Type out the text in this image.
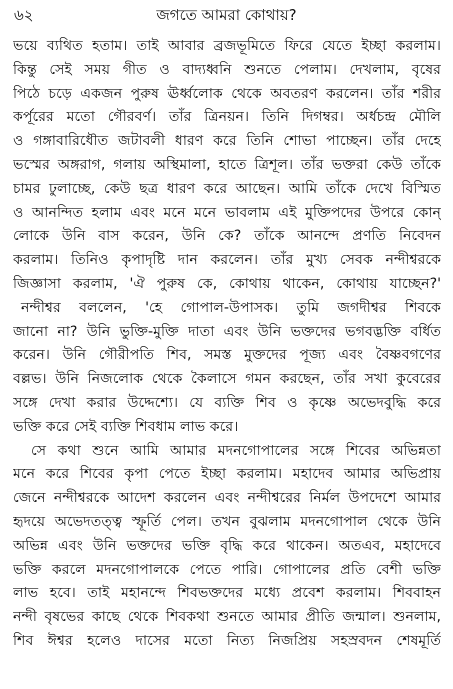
৬২	জগতে আমরা কোথায়?
ভয়ে ব্যথিত হতাম। তাই আবার ব্রজভূমিতে ফিরে যেতে ইচ্ছা করলাম।
কিন্তু সেই সময় গীত ও বাদ্যধ্বনি শুনতে পেলাম। দেখলাম, বৃষের
পিঠে চড়ে একজন পুরুষ ঊর্ধ্বলোক থেকে অবতরণ করলেন। তাঁর শরীর
কর্পূরের মতো গৌরবর্ণ। তাঁর ত্রিনয়ন। তিনি দিগম্বর। অর্ধচন্দ্র মৌলি
ও গঙ্গাবারিধৌত জটাবলী ধারণ করে তিনি শোভা পাচ্ছেন। তাঁর দেহে
ভস্মের অঙ্গরাগ, গলায় অস্থিমালা, হাতে ত্রিশূল। তাঁর ভক্তরা কেউ তাঁকে
চামর ঢুলাচ্ছে, কেউ ছত্র ধারণ করে আছেন। আমি তাঁকে দেখে বিস্মিত
ও আনন্দিত হলাম এবং মনে মনে ভাবলাম এই মুক্তিপদের উপরে কোন্
লোকে উনি বাস করেন, উনি কে? তাঁকে আনন্দে প্রণতি নিবেদন
করলাম। তিনিও কৃপাদৃষ্টি দান করলেন। তাঁর মুখ্য সেবক নন্দীশ্বরকে
জিজ্ঞাসা করলাম, 'ঐ পুরুষ কে, কোথায় থাকেন, কোথায় যাচ্ছেন?'
নন্দীশ্বর বললেন, 'হে গোপাল-উপাসক। তুমি জগদীশ্বর শিবকে
জানো না? উনি ভুক্তি-মুক্তি দাতা এবং উনি ভক্তদের ভগবদ্ভক্তি বর্ধিত
করেন। উনি গৌরীপতি শিব, সমস্ত মুক্তদের পূজ্য এবং বৈষ্ণবগণের
বল্লভ। উনি নিজলোক থেকে কৈলাসে গমন করছেন, তাঁর সখা কুবেরের
সঙ্গে দেখা করার উদ্দেশ্যে। যে ব্যক্তি শিব ও কৃষ্ণে অভেদবুদ্ধি করে
ভক্তি করে সেই ব্যক্তি শিবধাম লাভ করে।
সে কথা শুনে আমি আমার মদনগোপালের সঙ্গে শিবের অভিন্নতা
মনে করে শিবের কৃপা পেতে ইচ্ছা করলাম। মহাদেব আমার অভিপ্রায়
জেনে নন্দীশ্বরকে আদেশ করলেন এবং নন্দীশ্বরের নির্মল উপদেশে আমার
হৃদয়ে অভেদতত্ত্ব স্ফূর্তি পেল। তখন বুঝলাম মদনগোপাল থেকে উনি
অভিন্ন এবং উনি ভক্তদের ভক্তি বৃদ্ধি করে থাকেন। অতএব, মহাদেবে
ভক্তি করলে মদনগোপালকে পেতে পারি। গোপালের প্রতি বেশী ভক্তি
লাভ হবে। তাই মহানন্দে শিবভক্তদের মধ্যে প্রবেশ করলাম। শিববাহন
নন্দী বৃষভের কাছে থেকে শিবকথা শুনতে আমার প্রীতি জন্মাল। শুনলাম,
শিব ঈশ্বর হলেও দাসের মতো নিত্য নিজপ্রিয় সহস্রবদন শেষমূর্তি
